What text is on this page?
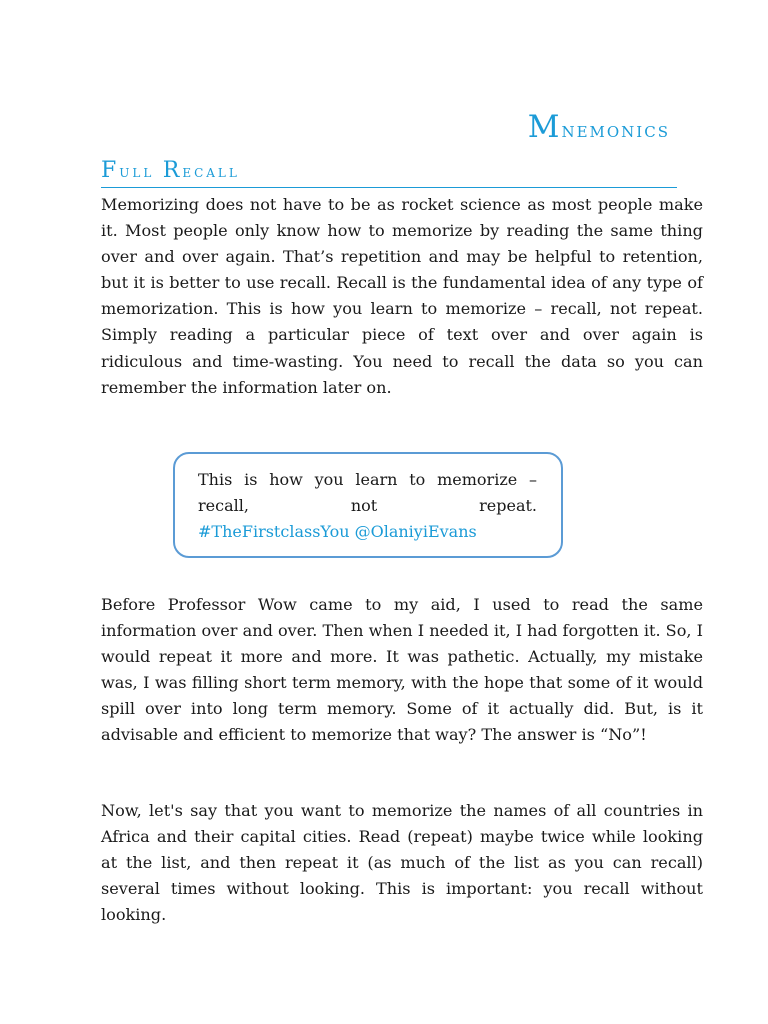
Mnemonics
Full Recall

Memorizing does not have to be as rocket science as most people make it. Most people only know how to memorize by reading the same thing over and over again. That’s repetition and may be helpful to retention, but it is better to use recall. Recall is the fundamental idea of any type of memorization. This is how you learn to memorize – recall, not repeat. Simply reading a particular piece of text over and over again is ridiculous and time-wasting. You need to recall the data so you can remember the information later on.

This is how you learn to memorize – recall, not repeat.

#TheFirstclassYou @OlaniyiEvans

Before Professor Wow came to my aid, I used to read the same information over and over. Then when I needed it, I had forgotten it. So, I would repeat it more and more. It was pathetic. Actually, my mistake was, I was filling short term memory, with the hope that some of it would spill over into long term memory. Some of it actually did. But, is it advisable and efficient to memorize that way? The answer is “No”!

Now, let's say that you want to memorize the names of all countries in Africa and their capital cities. Read (repeat) maybe twice while looking at the list, and then repeat it (as much of the list as you can recall) several times without looking. This is important: you recall without looking.
